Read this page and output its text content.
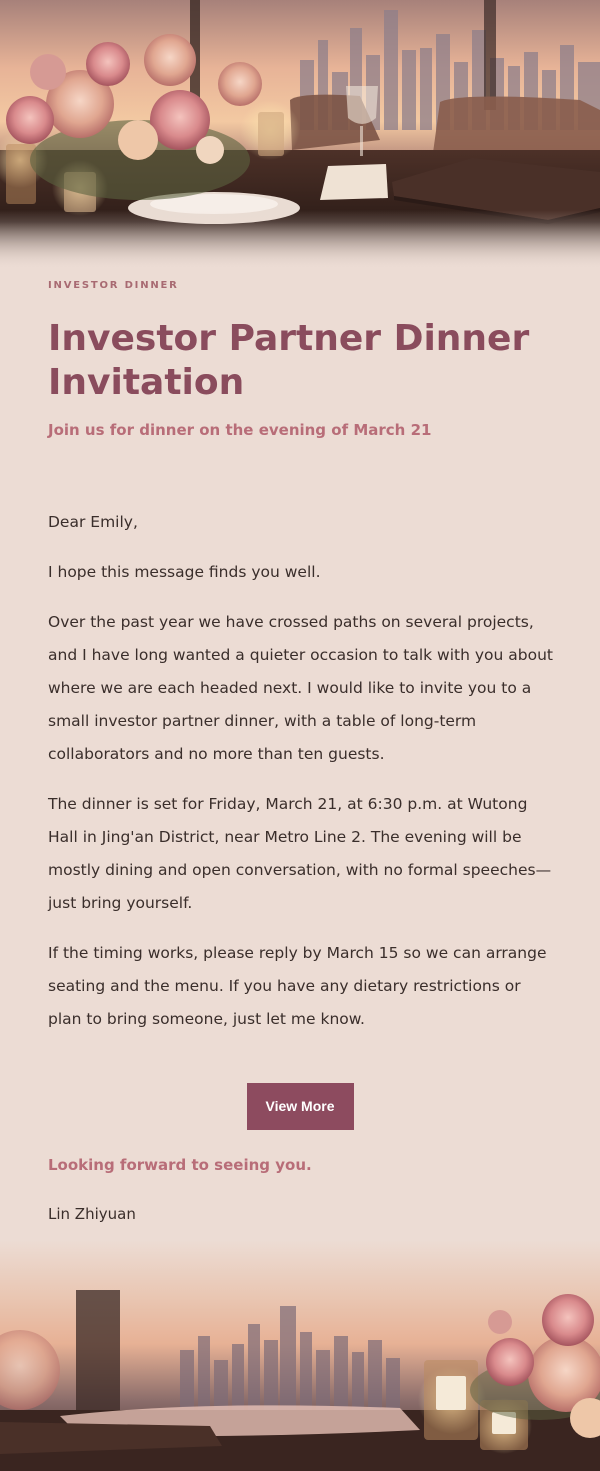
INVESTOR DINNER
Investor Partner Dinner Invitation
Join us for dinner on the evening of March 21

Dear Emily,

I hope this message finds you well.

Over the past year we have crossed paths on several projects, and I have long wanted a quieter occasion to talk with you about where we are each headed next. I would like to invite you to a small investor partner dinner, with a table of long-term collaborators and no more than ten guests.

The dinner is set for Friday, March 21, at 6:30 p.m. at Wutong Hall in Jing'an District, near Metro Line 2. The evening will be mostly dining and open conversation, with no formal speeches—just bring yourself.

If the timing works, please reply by March 15 so we can arrange seating and the menu. If you have any dietary restrictions or plan to bring someone, just let me know.

View More
Looking forward to seeing you.
Lin Zhiyuan
